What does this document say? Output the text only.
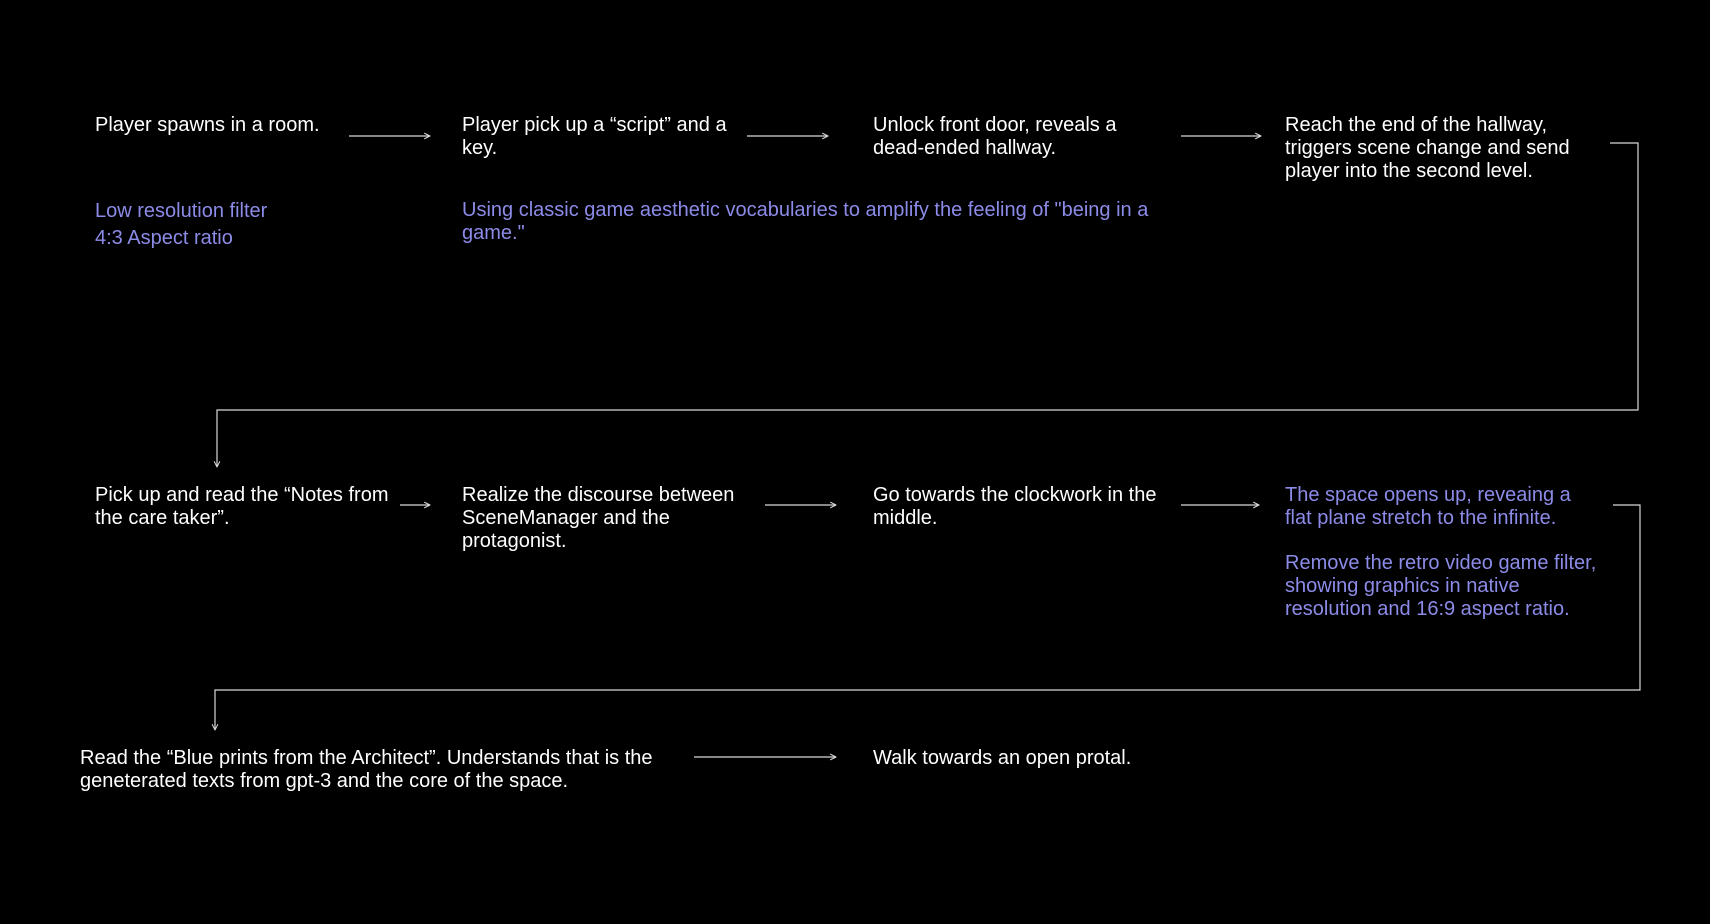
Player spawns in a room.

Low resolution filter
4:3 Aspect ratio

Player pick up a “script” and a
key.

Using classic game aesthetic vocabularies to amplify the feeling of "being in a
game."

Unlock front door, reveals a
dead-ended hallway.

Reach the end of the hallway,
triggers scene change and send
player into the second level.

Pick up and read the “Notes from
the care taker”.

Realize the discourse between
SceneManager and the
protagonist.

Go towards the clockwork in the
middle.

The space opens up, reveaing a
flat plane stretch to the infinite.

Remove the retro video game filter,
showing graphics in native
resolution and 16:9 aspect ratio.

Read the “Blue prints from the Architect”. Understands that is the
geneterated texts from gpt-3 and the core of the space.

Walk towards an open protal.
